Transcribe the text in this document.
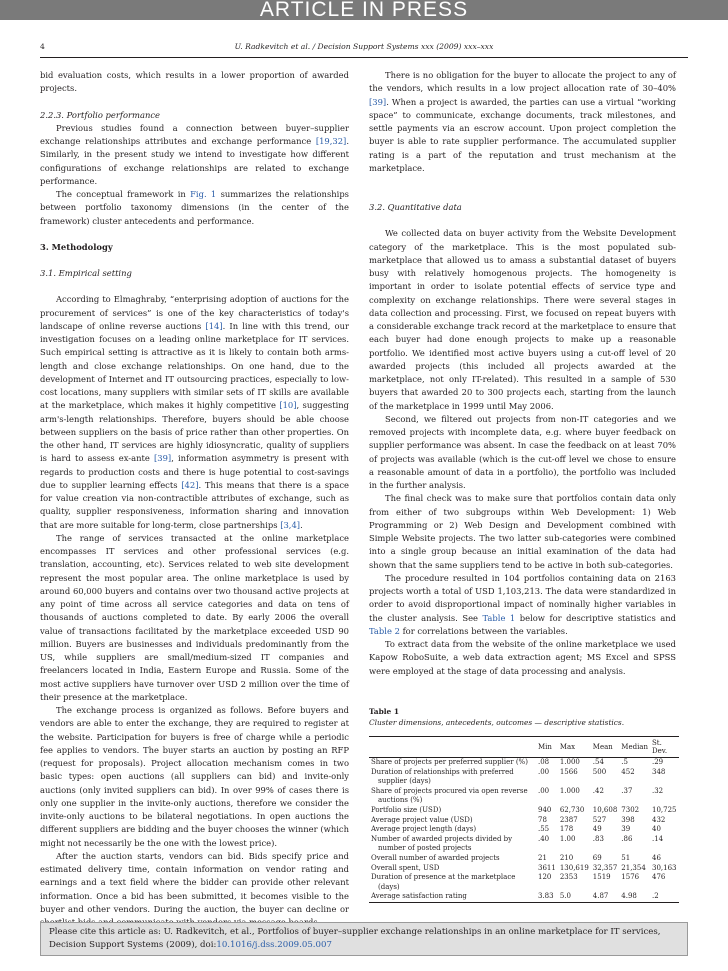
ARTICLE IN PRESS
4	U. Radkevitch et al. / Decision Support Systems xxx (2009) xxx–xxx

bid evaluation costs, which results in a lower proportion of awarded projects.

2.2.3. Portfolio performance

Previous studies found a connection between buyer–supplier exchange relationships attributes and exchange performance [19,32]. Similarly, in the present study we intend to investigate how different configurations of exchange relationships are related to exchange performance.

The conceptual framework in Fig. 1 summarizes the relationships between portfolio taxonomy dimensions (in the center of the framework) cluster antecedents and performance.

3. Methodology

3.1. Empirical setting

According to Elmaghraby, “enterprising adoption of auctions for the procurement of services” is one of the key characteristics of today's landscape of online reverse auctions [14]. In line with this trend, our investigation focuses on a leading online marketplace for IT services. Such empirical setting is attractive as it is likely to contain both arms-length and close exchange relationships. On one hand, due to the development of Internet and IT outsourcing practices, especially to low-cost locations, many suppliers with similar sets of IT skills are available at the marketplace, which makes it highly competitive [10], suggesting arm's-length relationships. Therefore, buyers should be able choose between suppliers on the basis of price rather than other properties. On the other hand, IT services are highly idiosyncratic, quality of suppliers is hard to assess ex-ante [39], information asymmetry is present with regards to production costs and there is huge potential to cost-savings due to supplier learning effects [42]. This means that there is a space for value creation via non-contractible attributes of exchange, such as quality, supplier responsiveness, information sharing and innovation that are more suitable for long-term, close partnerships [3,4].

The range of services transacted at the online marketplace encompasses IT services and other professional services (e.g. translation, accounting, etc). Services related to web site development represent the most popular area. The online marketplace is used by around 60,000 buyers and contains over two thousand active projects at any point of time across all service categories and data on tens of thousands of auctions completed to date. By early 2006 the overall value of transactions facilitated by the marketplace exceeded USD 90 million. Buyers are businesses and individuals predominantly from the US, while suppliers are small/medium-sized IT companies and freelancers located in India, Eastern Europe and Russia. Some of the most active suppliers have turnover over USD 2 million over the time of their presence at the marketplace.

The exchange process is organized as follows. Before buyers and vendors are able to enter the exchange, they are required to register at the website. Participation for buyers is free of charge while a periodic fee applies to vendors. The buyer starts an auction by posting an RFP (request for proposals). Project allocation mechanism comes in two basic types: open auctions (all suppliers can bid) and invite-only auctions (only invited suppliers can bid). In over 99% of cases there is only one supplier in the invite-only auctions, therefore we consider the invite-only auctions to be bilateral negotiations. In open auctions the different suppliers are bidding and the buyer chooses the winner (which might not necessarily be the one with the lowest price).

After the auction starts, vendors can bid. Bids specify price and estimated delivery time, contain information on vendor rating and earnings and a text field where the bidder can provide other relevant information. Once a bid has been submitted, it becomes visible to the buyer and other vendors. During the auction, the buyer can decline or

There is no obligation for the buyer to allocate the project to any of the vendors, which results in a low project allocation rate of 30–40% [39]. When a project is awarded, the parties can use a virtual “working space” to communicate, exchange documents, track milestones, and settle payments via an escrow account. Upon project completion the buyer is able to rate supplier performance. The accumulated supplier rating is a part of the reputation and trust mechanism at the marketplace.

3.2. Quantitative data

We collected data on buyer activity from the Website Development category of the marketplace. This is the most populated sub-marketplace that allowed us to amass a substantial dataset of buyers busy with relatively homogenous projects. The homogeneity is important in order to isolate potential effects of service type and complexity on exchange relationships. There were several stages in data collection and processing. First, we focused on repeat buyers with a considerable exchange track record at the marketplace to ensure that each buyer had done enough projects to make up a reasonable portfolio. We identified most active buyers using a cut-off level of 20 awarded projects (this included all projects awarded at the marketplace, not only IT-related). This resulted in a sample of 530 buyers that awarded 20 to 300 projects each, starting from the launch of the marketplace in 1999 until May 2006.

Second, we filtered out projects from non-IT categories and we removed projects with incomplete data, e.g. where buyer feedback on supplier performance was absent. In case the feedback on at least 70% of projects was available (which is the cut-off level we chose to ensure a reasonable amount of data in a portfolio), the portfolio was included in the further analysis.

The final check was to make sure that portfolios contain data only from either of two subgroups within Web Development: 1) Web Programming or 2) Web Design and Development combined with Simple Website projects. The two latter sub-categories were combined into a single group because an initial examination of the data had shown that the same suppliers tend to be active in both sub-categories.

The procedure resulted in 104 portfolios containing data on 2163 projects worth a total of USD 1,103,213. The data were standardized in order to avoid disproportional impact of nominally higher variables in the cluster analysis. See Table 1 below for descriptive statistics and Table 2 for correlations between the variables.

To extract data from the website of the online marketplace we used Kapow RoboSuite, a web data extraction agent; MS Excel and SPSS were employed at the stage of data processing and analysis.

Table 1
Cluster dimensions, antecedents, outcomes — descriptive statistics.
	Min	Max	Mean	Median	St. Dev.
Share of projects per preferred supplier (%)	.08	1.000	.54	.5	.29
Duration of relationships with preferred
supplier (days)	.00	1566	500	452	348
Share of projects procured via open reverse
auctions (%)	.00	1.000	.42	.37	.32
Portfolio size (USD)	940	62,730	10,608	7302	10,725
Average project value (USD)	78	2387	527	398	432
Average project length (days)	.55	178	49	39	40
Number of awarded projects divided by
number of posted projects	.40	1.00	.83	.86	.14
Overall number of awarded projects	21	210	69	51	46
Overall spent, USD	3611	130,619	32,357	21,354	30,163
Duration of presence at the marketplace
(days)	120	2353	1519	1576	476
Average satisfaction rating	3.83	5.0	4.87	4.98	.2
Please cite this article as: U. Radkevitch, et al., Portfolios of buyer–supplier exchange relationships in an online marketplace for IT services, Decision Support Systems (2009), doi:10.1016/j.dss.2009.05.007
